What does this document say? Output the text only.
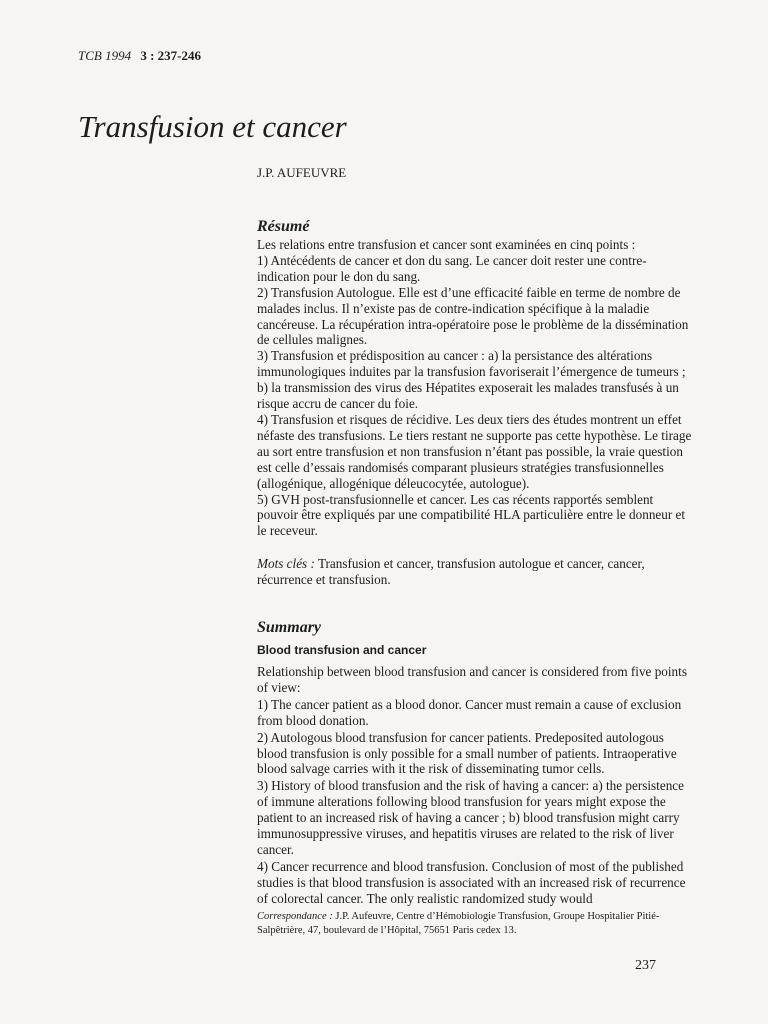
TCB 1994 3 : 237-246
Transfusion et cancer
J.P. AUFEUVRE
Résumé

Les relations entre transfusion et cancer sont examinées en cinq points :

1) Antécédents de cancer et don du sang. Le cancer doit rester une contre-indication pour le don du sang.

2) Transfusion Autologue. Elle est d’une efficacité faible en terme de nombre de malades inclus. Il n’existe pas de contre-indication spécifique à la maladie cancéreuse. La récupération intra-opératoire pose le problème de la dissémination de cellules malignes.

3) Transfusion et prédisposition au cancer : a) la persistance des altérations immunologiques induites par la transfusion favoriserait l’émergence de tumeurs ; b) la transmission des virus des Hépatites exposerait les malades transfusés à un risque accru de cancer du foie.

4) Transfusion et risques de récidive. Les deux tiers des études montrent un effet néfaste des transfusions. Le tiers restant ne supporte pas cette hypothèse. Le tirage au sort entre transfusion et non transfusion n’étant pas possible, la vraie question est celle d’essais randomisés comparant plusieurs stratégies transfusionnelles (allogénique, allogénique déleucocytée, autologue).

5) GVH post-transfusionnelle et cancer. Les cas récents rapportés semblent pouvoir être expliqués par une compatibilité HLA particulière entre le donneur et le receveur.

Mots clés : Transfusion et cancer, transfusion autologue et cancer, cancer, récurrence et transfusion.

Summary
Blood transfusion and cancer

Relationship between blood transfusion and cancer is considered from five points of view:

1) The cancer patient as a blood donor. Cancer must remain a cause of exclusion from blood donation.

2) Autologous blood transfusion for cancer patients. Predeposited autologous blood transfusion is only possible for a small number of patients. Intraoperative blood salvage carries with it the risk of disseminating tumor cells.

3) History of blood transfusion and the risk of having a cancer: a) the persistence of immune alterations following blood transfusion for years might expose the patient to an increased risk of having a cancer ; b) blood transfusion might carry immunosuppressive viruses, and hepatitis viruses are related to the risk of liver cancer.

4) Cancer recurrence and blood transfusion. Conclusion of most of the published studies is that blood transfusion is associated with an increased risk of recurrence of colorectal cancer. The only realistic randomized study would

Correspondance : J.P. Aufeuvre, Centre d’Hémobiologie Transfusion, Groupe Hospitalier Pitié-Salpêtrière, 47, boulevard de l’Hôpital, 75651 Paris cedex 13.

237
